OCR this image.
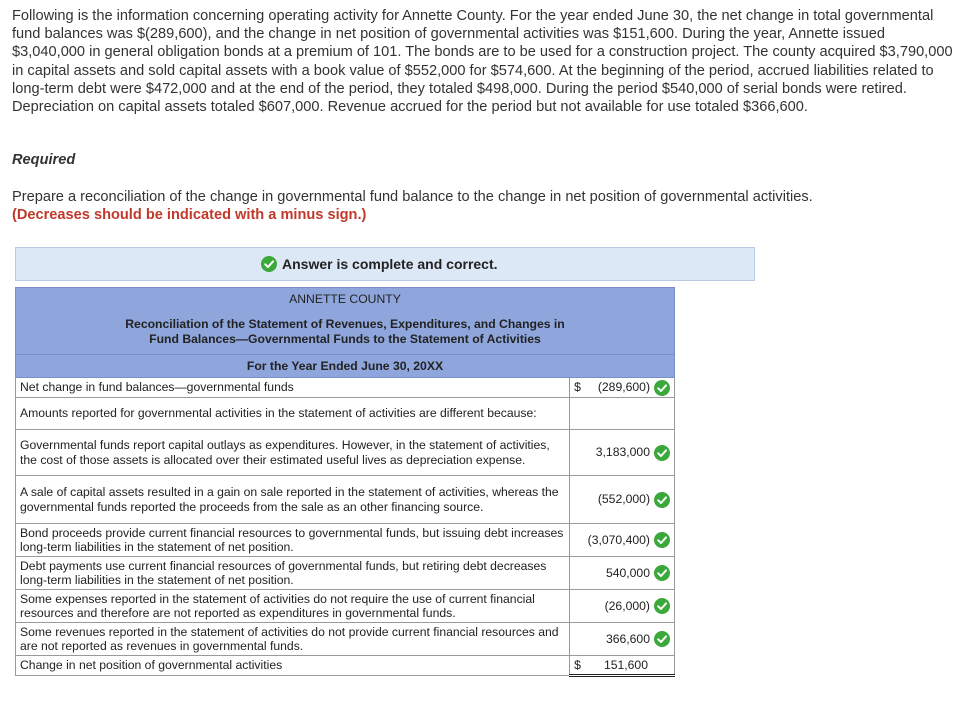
Following is the information concerning operating activity for Annette County. For the year ended June 30, the net change in total governmental fund balances was $(289,600), and the change in net position of governmental activities was $151,600. During the year, Annette issued $3,040,000 in general obligation bonds at a premium of 101. The bonds are to be used for a construction project. The county acquired $3,790,000 in capital assets and sold capital assets with a book value of $552,000 for $574,600. At the beginning of the period, accrued liabilities related to long-term debt were $472,000 and at the end of the period, they totaled $498,000. During the period $540,000 of serial bonds were retired. Depreciation on capital assets totaled $607,000. Revenue accrued for the period but not available for use totaled $366,600.
Required
Prepare a reconciliation of the change in governmental fund balance to the change in net position of governmental activities.
(Decreases should be indicated with a minus sign.)
Answer is complete and correct.
ANNETTE COUNTY	
Reconciliation of the Statement of Revenues, Expenditures, and Changes in
Fund Balances—Governmental Funds to the Statement of Activities	
For the Year Ended June 30, 20XX	
Net change in fund balances—governmental funds	$ (289,600)

Amounts reported for governmental activities in the statement of activities are different because:	

Governmental funds report capital outlays as expenditures. However, in the statement of activities, the cost of those assets is allocated over their estimated useful lives as depreciation expense.	3,183,000

A sale of capital assets resulted in a gain on sale reported in the statement of activities, whereas the governmental funds reported the proceeds from the sale as an other financing source.	(552,000)

Bond proceeds provide current financial resources to governmental funds, but issuing debt increases long-term liabilities in the statement of net position.	(3,070,400)

Debt payments use current financial resources of governmental funds, but retiring debt decreases long-term liabilities in the statement of net position.	540,000

Some expenses reported in the statement of activities do not require the use of current financial resources and therefore are not reported as expenditures in governmental funds.	(26,000)

Some revenues reported in the statement of activities do not provide current financial resources and are not reported as revenues in governmental funds.	366,600

Change in net position of governmental activities	$ 151,600
